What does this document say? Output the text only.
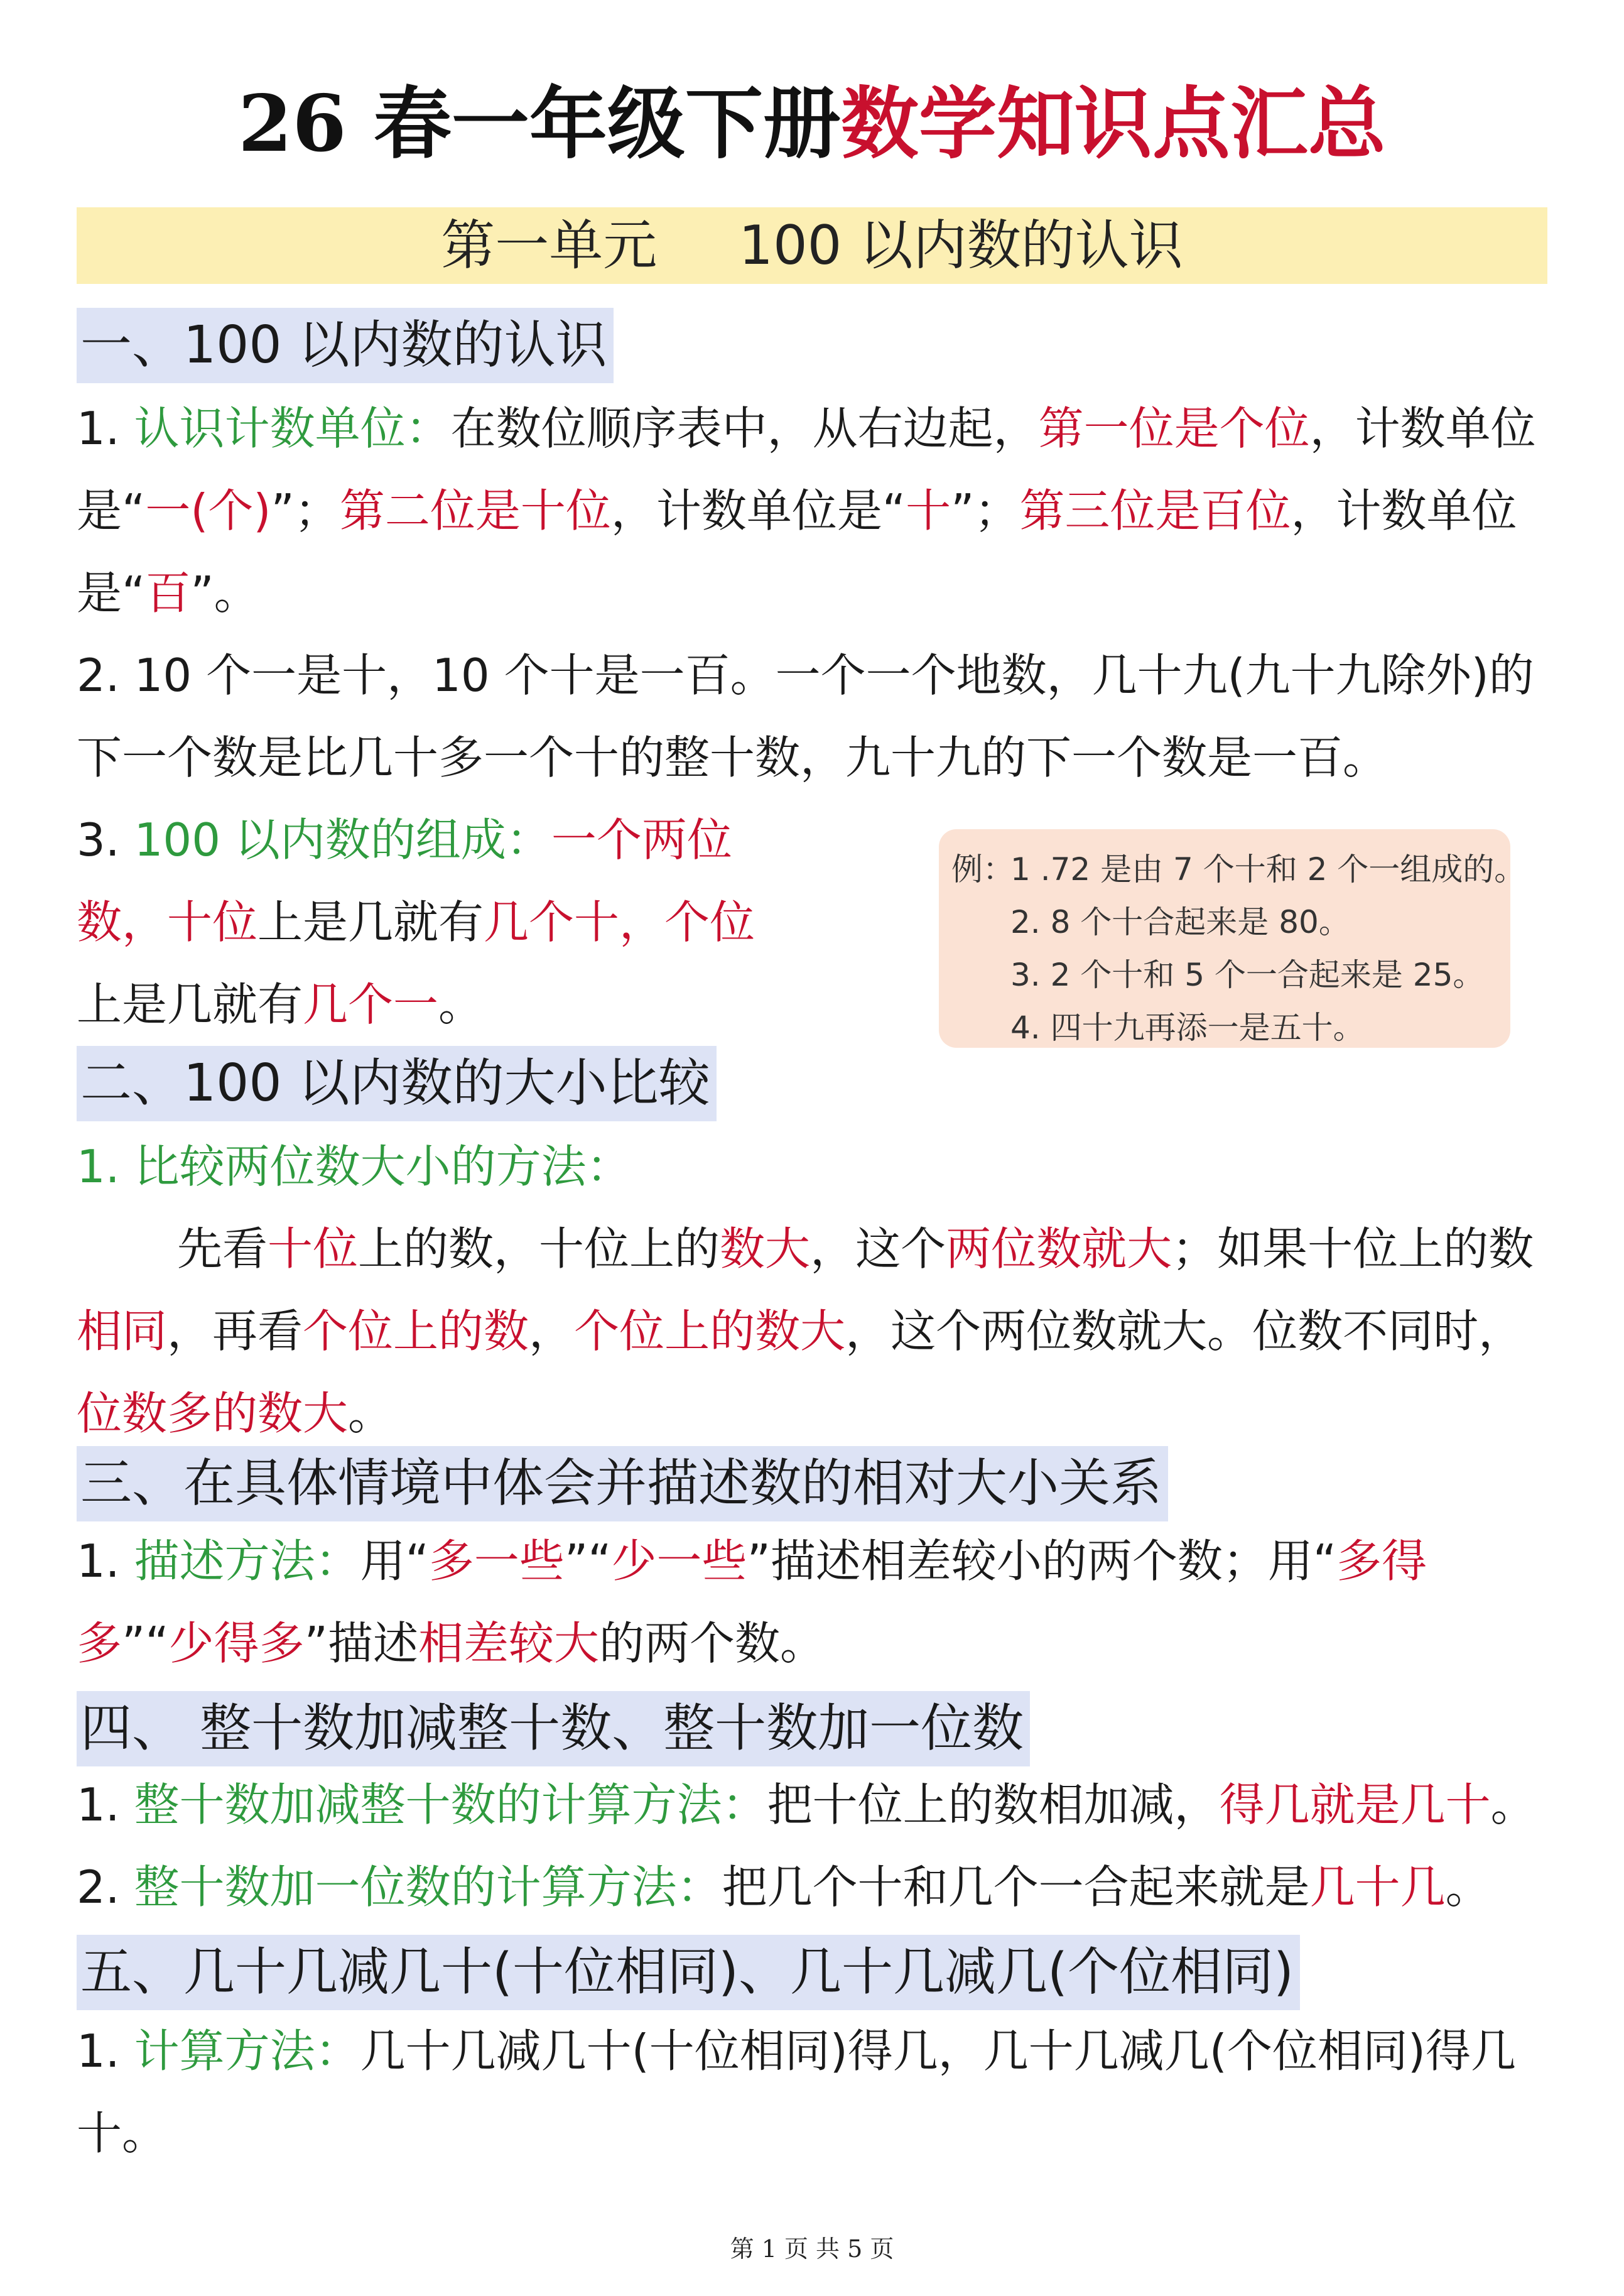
26 春一年级下册数学知识点汇总
第一单元 100 以内数的认识
一、100 以内数的认识
1. 认识计数单位：在数位顺序表中，从右边起，第一位是个位，计数单位是“一(个)”；第二位是十位，计数单位是“十”；第三位是百位，计数单位是“百”。
2. 10 个一是十，10 个十是一百。一个一个地数，几十九(九十九除外)的下一个数是比几十多一个十的整十数，九十九的下一个数是一百。
3. 100 以内数的组成：一个两位数，十位上是几就有几个十，个位上是几就有几个一。
例：1 .72 是由 7 个十和 2 个一组成的。
2. 8 个十合起来是 80。
3. 2 个十和 5 个一合起来是 25。
4. 四十九再添一是五十。
二、100 以内数的大小比较
1. 比较两位数大小的方法：
先看十位上的数，十位上的数大，这个两位数就大；如果十位上的数相同，再看个位上的数，个位上的数大，这个两位数就大。位数不同时，位数多的数大。
三、在具体情境中体会并描述数的相对大小关系
1. 描述方法：用“多一些”“少一些”描述相差较小的两个数；用“多得多”“少得多”描述相差较大的两个数。
四、 整十数加减整十数、整十数加一位数
1. 整十数加减整十数的计算方法：把十位上的数相加减，得几就是几十。
2. 整十数加一位数的计算方法：把几个十和几个一合起来就是几十几。
五、几十几减几十(十位相同)、几十几减几(个位相同)
1. 计算方法：几十几减几十(十位相同)得几，几十几减几(个位相同)得几十。
第 1 页 共 5 页
